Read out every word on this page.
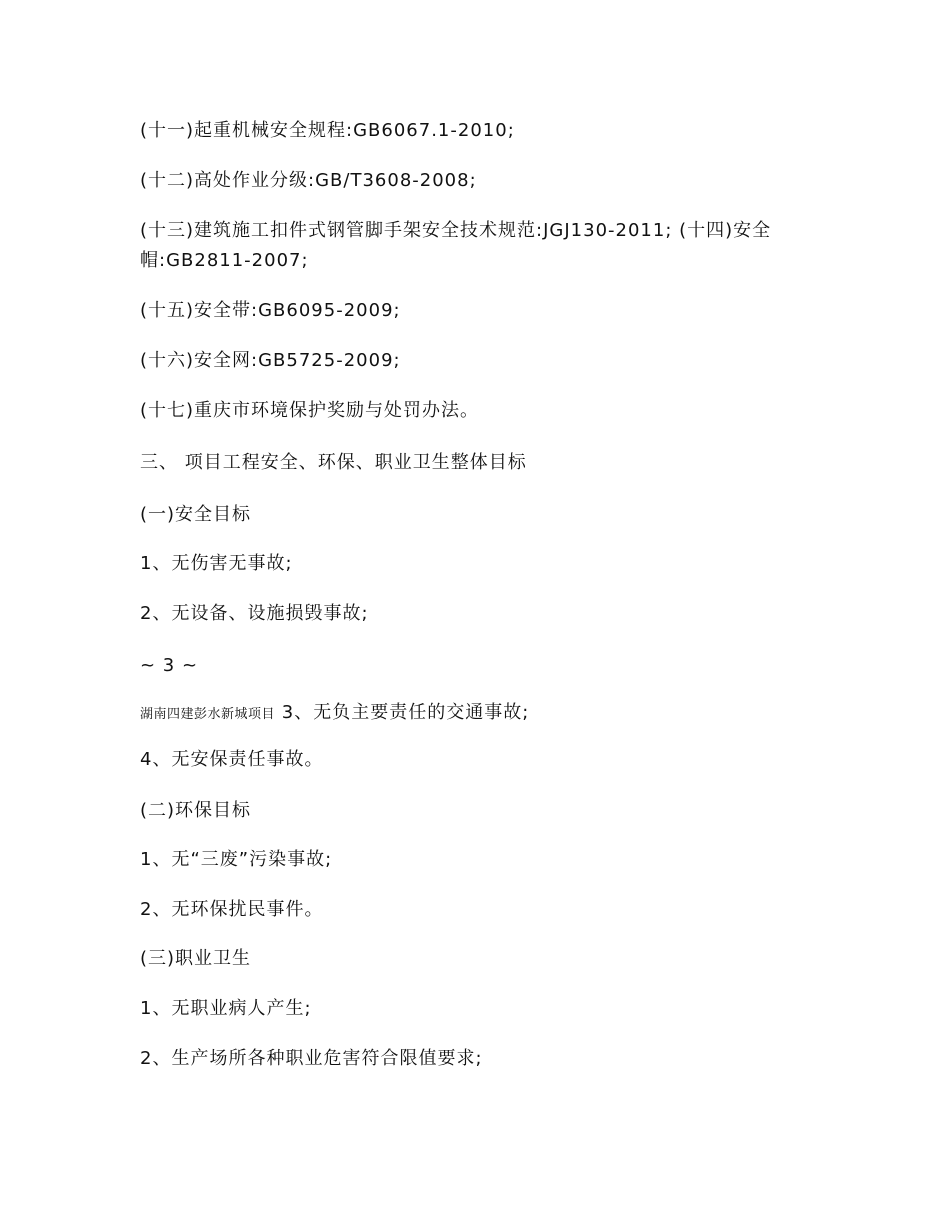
(十一)起重机械安全规程:GB6067.1-2010;
(十二)高处作业分级:GB/T3608-2008;
(十三)建筑施工扣件式钢管脚手架安全技术规范:JGJ130-2011; (十四)安全帽:GB2811-2007;
(十五)安全带:GB6095-2009;
(十六)安全网:GB5725-2009;
(十七)重庆市环境保护奖励与处罚办法。
三、 项目工程安全、环保、职业卫生整体目标
(一)安全目标
1、无伤害无事故;
2、无设备、设施损毁事故;
~ 3 ~
湖南四建彭水新城项目 3、无负主要责任的交通事故;
4、无安保责任事故。
(二)环保目标
1、无“三废”污染事故;
2、无环保扰民事件。
(三)职业卫生
1、无职业病人产生;
2、生产场所各种职业危害符合限值要求;
